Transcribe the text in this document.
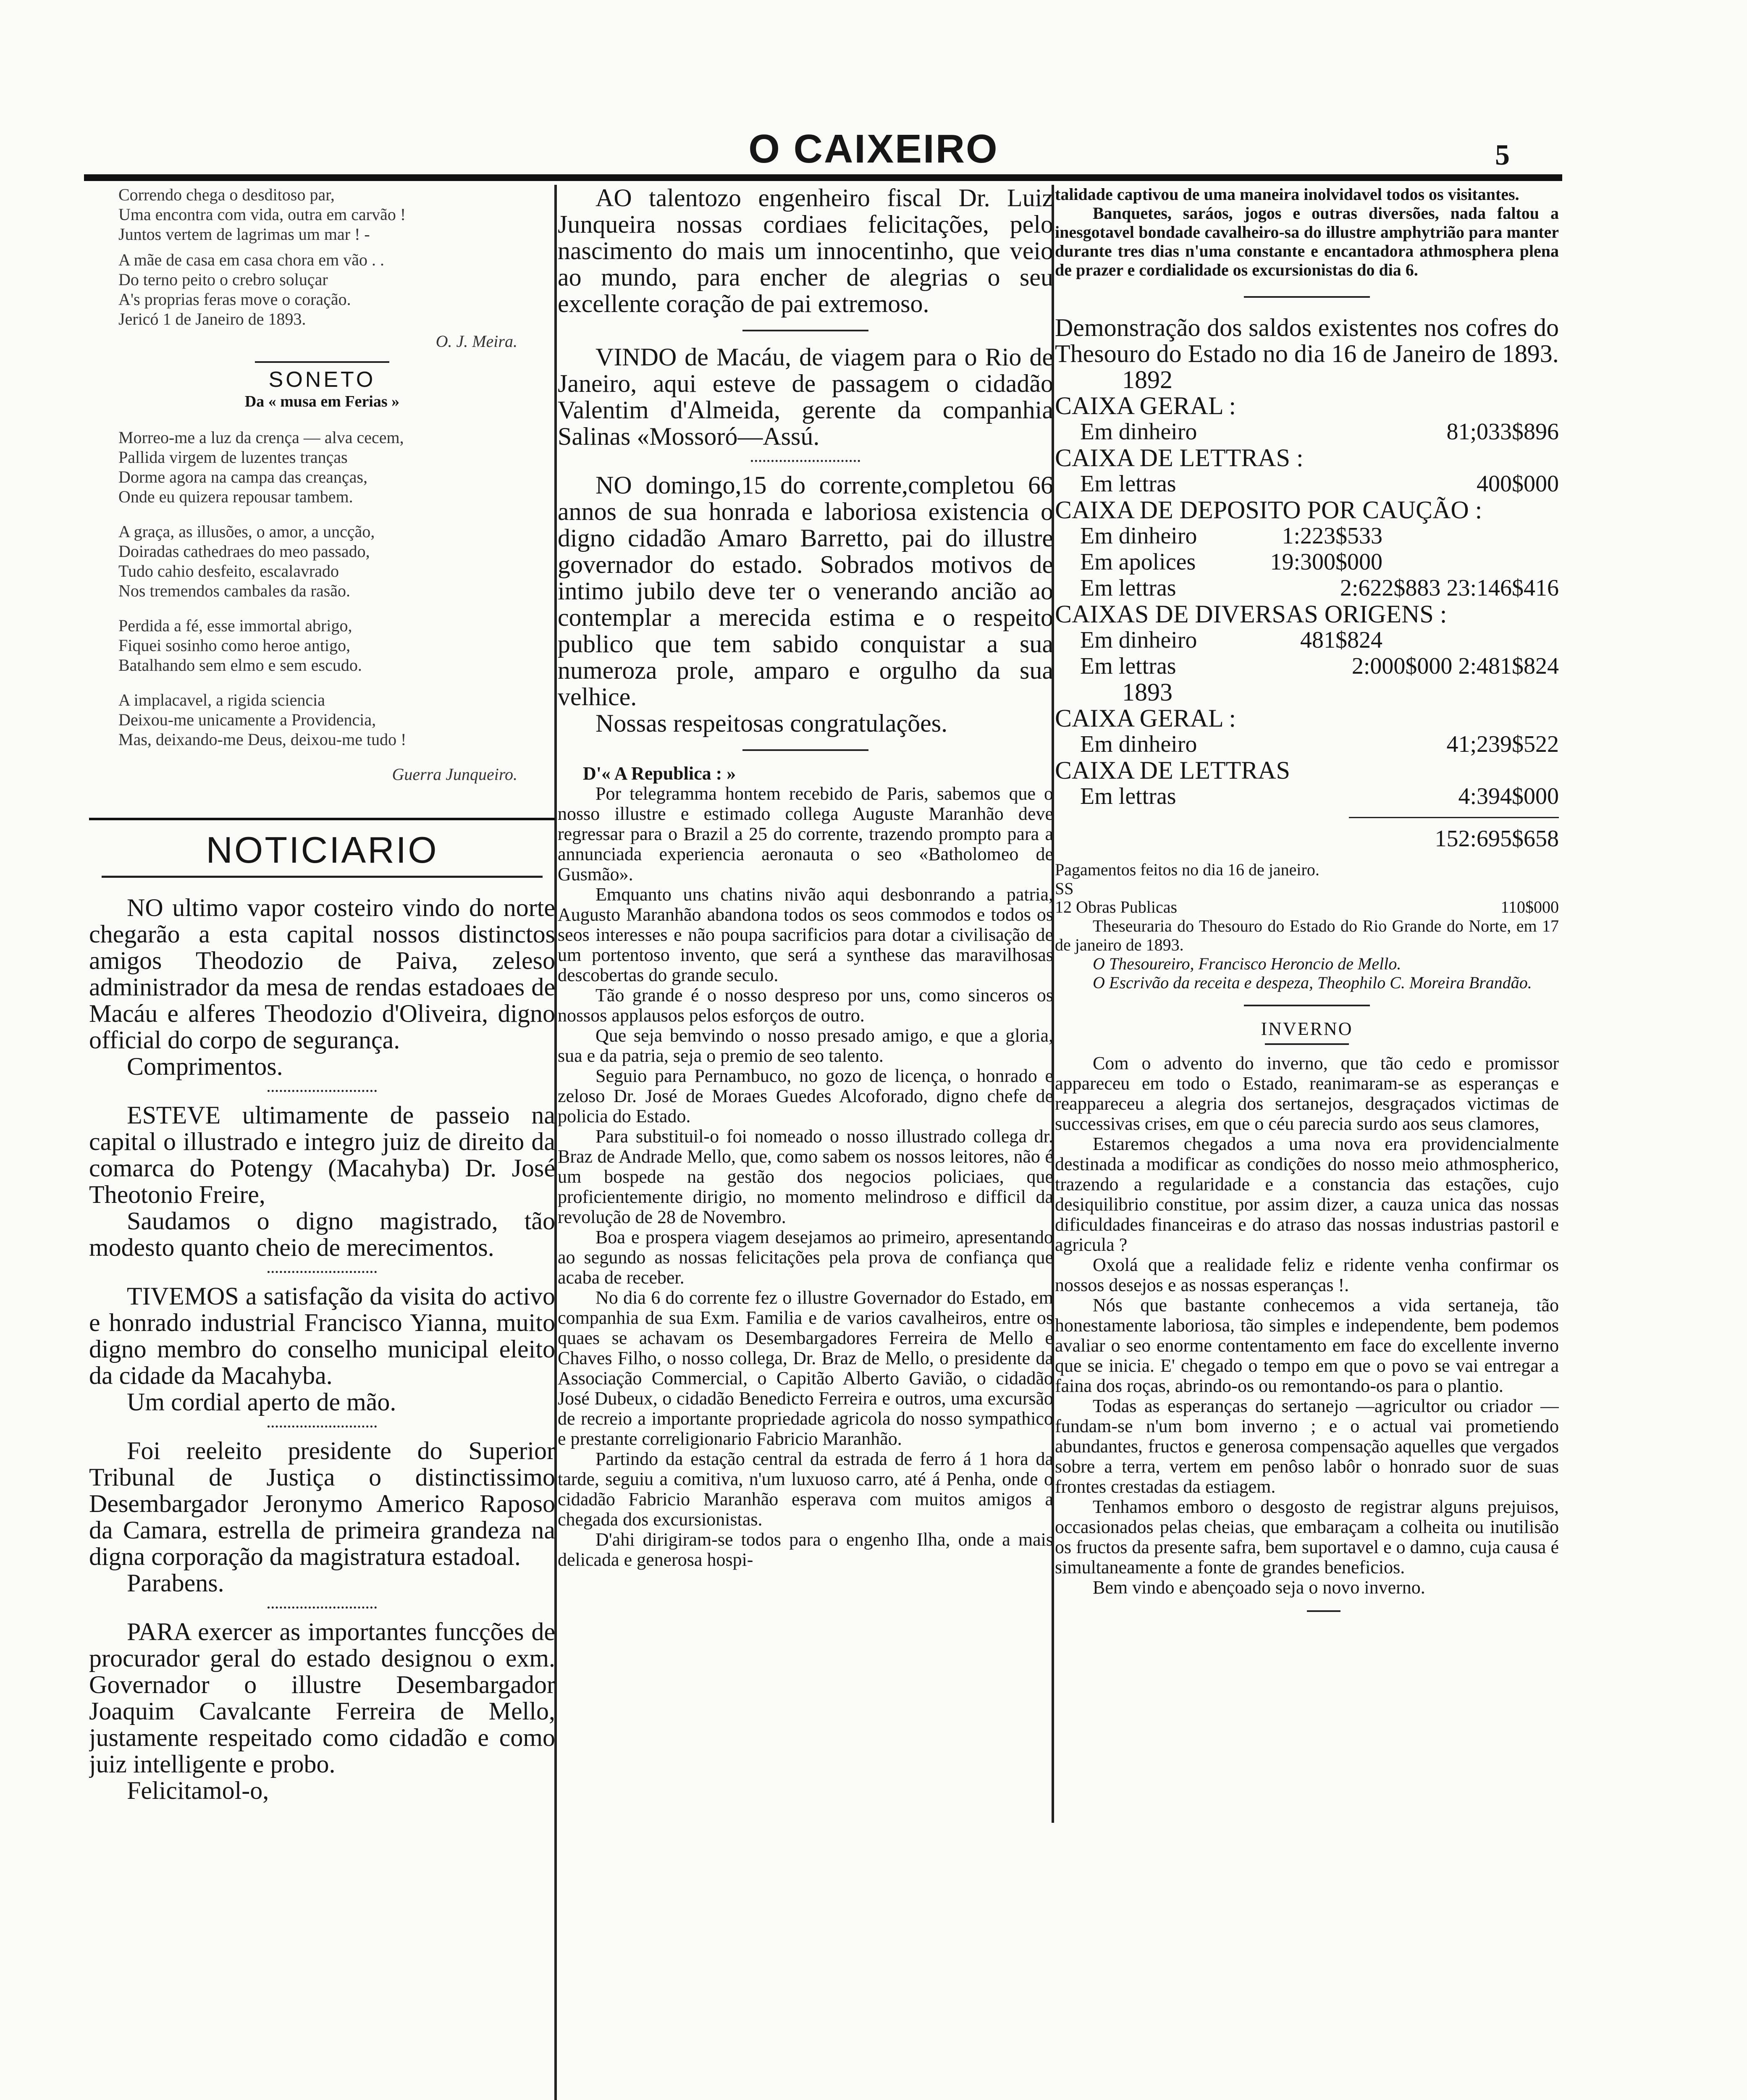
O CAIXEIRO	5
Correndo chega o desditoso par,
Uma encontra com vida, outra em carvão !
Juntos vertem de lagrimas um mar ! -
A mãe de casa em casa chora em vão . .
Do terno peito o crebro soluçar
A's proprias feras move o coração.
Jericó 1 de Janeiro de 1893.
O. J. Meira.
SONETO
Da « musa em Ferias »
Morreo-me a luz da crença — alva cecem,
Pallida virgem de luzentes tranças
Dorme agora na campa das creanças,
Onde eu quizera repousar tambem.
A graça, as illusões, o amor, a uncção,
Doiradas cathedraes do meo passado,
Tudo cahio desfeito, escalavrado
Nos tremendos cambales da rasão.
Perdida a fé, esse immortal abrigo,
Fiquei sosinho como heroe antigo,
Batalhando sem elmo e sem escudo.
A implacavel, a rigida sciencia
Deixou-me unicamente a Providencia,
Mas, deixando-me Deus, deixou-me tudo !
Guerra Junqueiro.
NOTICIARIO

NO ultimo vapor costeiro vindo do norte chegarão a esta capital nossos distinctos amigos Theodozio de Paiva, zeleso administrador da mesa de rendas estadoaes de Macáu e alferes Theodozio d'Oliveira, digno official do corpo de segurança.

Comprimentos.

ESTEVE ultimamente de passeio na capital o illustrado e integro juiz de direito da comarca do Potengy (Macahyba) Dr. José Theotonio Freire,

Saudamos o digno magistrado, tão modesto quanto cheio de merecimentos.

TIVEMOS a satisfação da visita do activo e honrado industrial Francisco Yianna, muito digno membro do conselho municipal eleito da cidade da Macahyba.

Um cordial aperto de mão.

Foi reeleito presidente do Superior Tribunal de Justiça o distinctissimo Desembargador Jeronymo Americo Raposo da Camara, estrella de primeira grandeza na digna corporação da magistratura estadoal.

Parabens.

PARA exercer as importantes funcções de procurador geral do estado designou o exm. Governador o illustre Desembargador Joaquim Cavalcante Ferreira de Mello, justamente respeitado como cidadão e como juiz intelligente e probo.

Felicitamol-o,

AO talentozo engenheiro fiscal Dr. Luiz Junqueira nossas cordiaes felicitações, pelo nascimento do mais um innocentinho, que veio ao mundo, para encher de alegrias o seu excellente coração de pai extremoso.

VINDO de Macáu, de viagem para o Rio de Janeiro, aqui esteve de passagem o cidadão Valentim d'Almeida, gerente da companhia Salinas «Mossoró—Assú.

NO domingo,15 do corrente,completou 66 annos de sua honrada e laboriosa existencia o digno cidadão Amaro Barretto, pai do illustre governador do estado. Sobrados motivos de intimo jubilo deve ter o venerando ancião ao contemplar a merecida estima e o respeito publico que tem sabido conquistar a sua numeroza prole, amparo e orgulho da sua velhice.

Nossas respeitosas congratulações.

D'« A Republica : »

Por telegramma hontem recebido de Paris, sabemos que o nosso illustre e estimado collega Auguste Maranhão deve regressar para o Brazil a 25 do corrente, trazendo prompto para a annunciada experiencia aeronauta o seo «Batholomeo de Gusmão».

Emquanto uns chatins nivão aqui desbonrando a patria, Augusto Maranhão abandona todos os seos commodos e todos os seos interesses e não poupa sacrificios para dotar a civilisação de um portentoso invento, que será a synthese das maravilhosas descobertas do grande seculo.

Tão grande é o nosso despreso por uns, como sinceros os nossos applausos pelos esforços de outro.

Que seja bemvindo o nosso presado amigo, e que a gloria, sua e da patria, seja o premio de seo talento.

Seguio para Pernambuco, no gozo de licença, o honrado e zeloso Dr. José de Moraes Guedes Alcoforado, digno chefe de policia do Estado.

Para substituil-o foi nomeado o nosso illustrado collega dr. Braz de Andrade Mello, que, como sabem os nossos leitores, não é um bospede na gestão dos negocios policiaes, que proficientemente dirigio, no momento melindroso e difficil da revolução de 28 de Novembro.

Boa e prospera viagem desejamos ao primeiro, apresentando ao segundo as nossas felicitações pela prova de confiança que acaba de receber.

No dia 6 do corrente fez o illustre Governador do Estado, em companhia de sua Exm. Familia e de varios cavalheiros, entre os quaes se achavam os Desembargadores Ferreira de Mello e Chaves Filho, o nosso collega, Dr. Braz de Mello, o presidente da Associação Commercial, o Capitão Alberto Gavião, o cidadão José Dubeux, o cidadão Benedicto Ferreira e outros, uma excursão de recreio a importante propriedade agricola do nosso sympathico e prestante correligionario Fabricio Maranhão.

Partindo da estação central da estrada de ferro á 1 hora da tarde, seguiu a comitiva, n'um luxuoso carro, até á Penha, onde o cidadão Fabricio Maranhão esperava com muitos amigos a chegada dos excursionistas.

D'ahi dirigiram-se todos para o engenho Ilha, onde a mais delicada e generosa hospi-

talidade captivou de uma maneira inolvidavel todos os visitantes.

Banquetes, saráos, jogos e outras diversões, nada faltou a inesgotavel bondade cavalheiro-sa do illustre amphytrião para manter durante tres dias n'uma constante e encantadora athmosphera plena de prazer e cordialidade os excursionistas do dia 6.

Demonstração dos saldos existentes nos cofres do Thesouro do Estado no dia 16 de Janeiro de 1893.

1892
CAIXA GERAL :
Em dinheiro	81;033$896
CAIXA DE LETTRAS :
Em lettras	400$000
CAIXA DE DEPOSITO POR CAUÇÃO :
Em dinheiro	1:223$533
Em apolices	19:300$000
Em lettras	2:622$883 23:146$416
CAIXAS DE DIVERSAS ORIGENS :
Em dinheiro	481$824
Em lettras	2:000$000 2:481$824
1893
CAIXA GERAL :
Em dinheiro	41;239$522
CAIXA DE LETTRAS
Em lettras	4:394$000
152:695$658

Pagamentos feitos no dia 16 de janeiro.

SS

12 Obras Publicas	110$000

Theseuraria do Thesouro do Estado do Rio Grande do Norte, em 17 de janeiro de 1893.

O Thesoureiro, Francisco Heroncio de Mello.

O Escrivão da receita e despeza, Theophilo C. Moreira Brandão.

INVERNO

Com o advento do inverno, que tão cedo e promissor appareceu em todo o Estado, reanimaram-se as esperanças e reappareceu a alegria dos sertanejos, desgraçados victimas de successivas crises, em que o céu parecia surdo aos seus clamores,

Estaremos chegados a uma nova era providencialmente destinada a modificar as condições do nosso meio athmospherico, trazendo a regularidade e a constancia das estações, cujo desiquilibrio constitue, por assim dizer, a cauza unica das nossas dificuldades financeiras e do atraso das nossas industrias pastoril e agricula ?

Oxolá que a realidade feliz e ridente venha confirmar os nossos desejos e as nossas esperanças !.

Nós que bastante conhecemos a vida sertaneja, tão honestamente laboriosa, tão simples e independente, bem podemos avaliar o seo enorme contentamento em face do excellente inverno que se inicia. E' chegado o tempo em que o povo se vai entregar a faina dos roças, abrindo-os ou remontando-os para o plantio.

Todas as esperanças do sertanejo —agricultor ou criador —fundam-se n'um bom inverno ; e o actual vai prometiendo abundantes, fructos e generosa compensação aquelles que vergados sobre a terra, vertem em penôso labôr o honrado suor de suas frontes crestadas da estiagem.

Tenhamos emboro o desgosto de registrar alguns prejuisos, occasionados pelas cheias, que embaraçam a colheita ou inutilisão os fructos da presente safra, bem suportavel e o damno, cuja causa é simultaneamente a fonte de grandes beneficios.

Bem vindo e abençoado seja o novo inverno.
